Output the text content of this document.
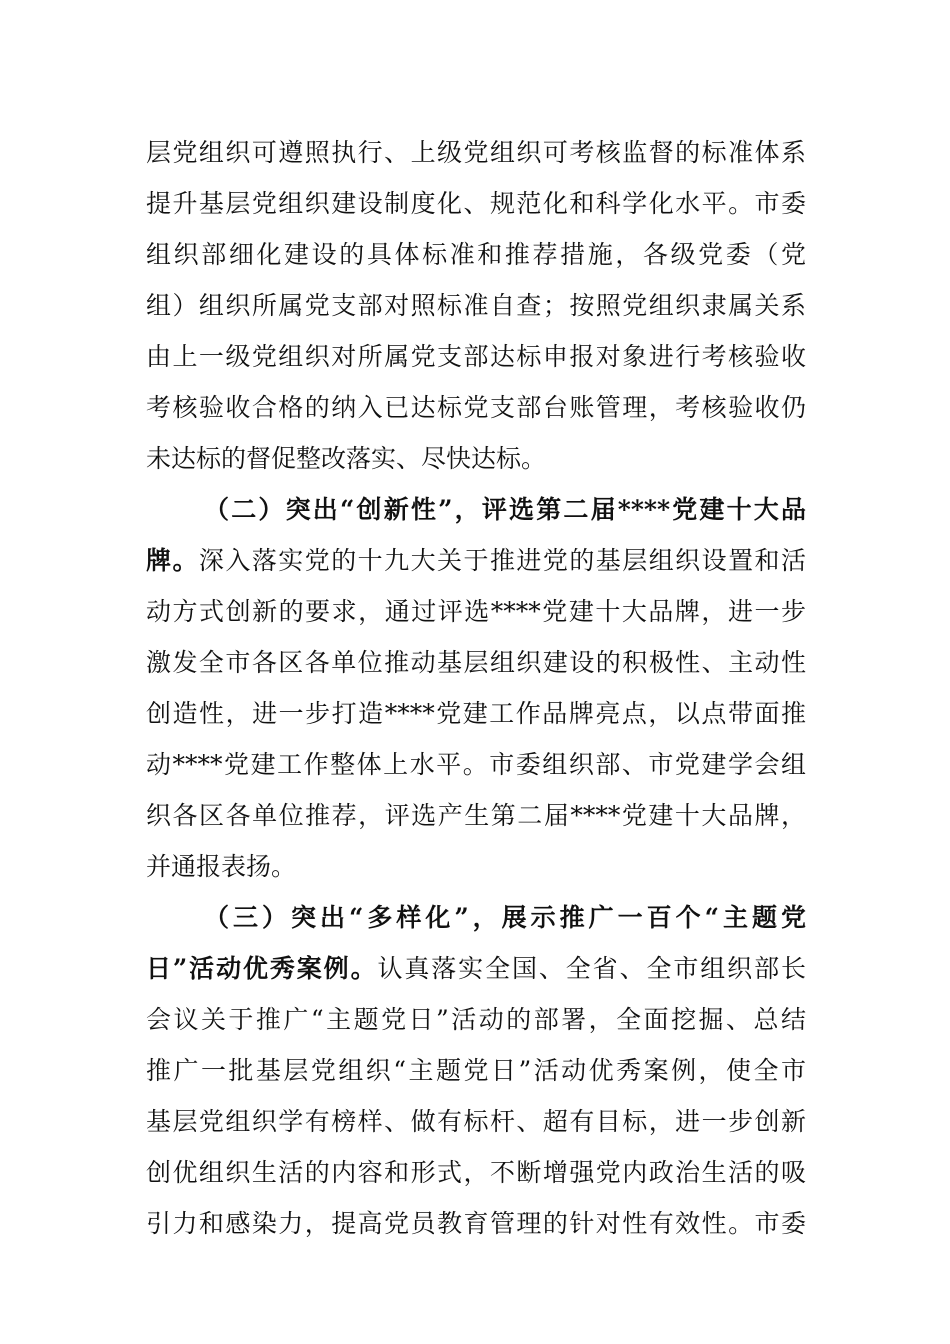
层党组织可遵照执行、上级党组织可考核监督的标准体系
提升基层党组织建设制度化、规范化和科学化水平。市委
组织部细化建设的具体标准和推荐措施，各级党委（党
组）组织所属党支部对照标准自查；按照党组织隶属关系
由上一级党组织对所属党支部达标申报对象进行考核验收
考核验收合格的纳入已达标党支部台账管理，考核验收仍
未达标的督促整改落实、尽快达标。
（二）突出“创新性”，评选第二届****党建十大品
牌。深入落实党的十九大关于推进党的基层组织设置和活
动方式创新的要求，通过评选****党建十大品牌，进一步
激发全市各区各单位推动基层组织建设的积极性、主动性
创造性，进一步打造****党建工作品牌亮点，以点带面推
动****党建工作整体上水平。市委组织部、市党建学会组
织各区各单位推荐，评选产生第二届****党建十大品牌，
并通报表扬。
（三）突出“多样化”，展示推广一百个“主题党
日”活动优秀案例。认真落实全国、全省、全市组织部长
会议关于推广“主题党日”活动的部署，全面挖掘、总结
推广一批基层党组织“主题党日”活动优秀案例，使全市
基层党组织学有榜样、做有标杆、超有目标，进一步创新
创优组织生活的内容和形式，不断增强党内政治生活的吸
引力和感染力，提高党员教育管理的针对性有效性。市委
